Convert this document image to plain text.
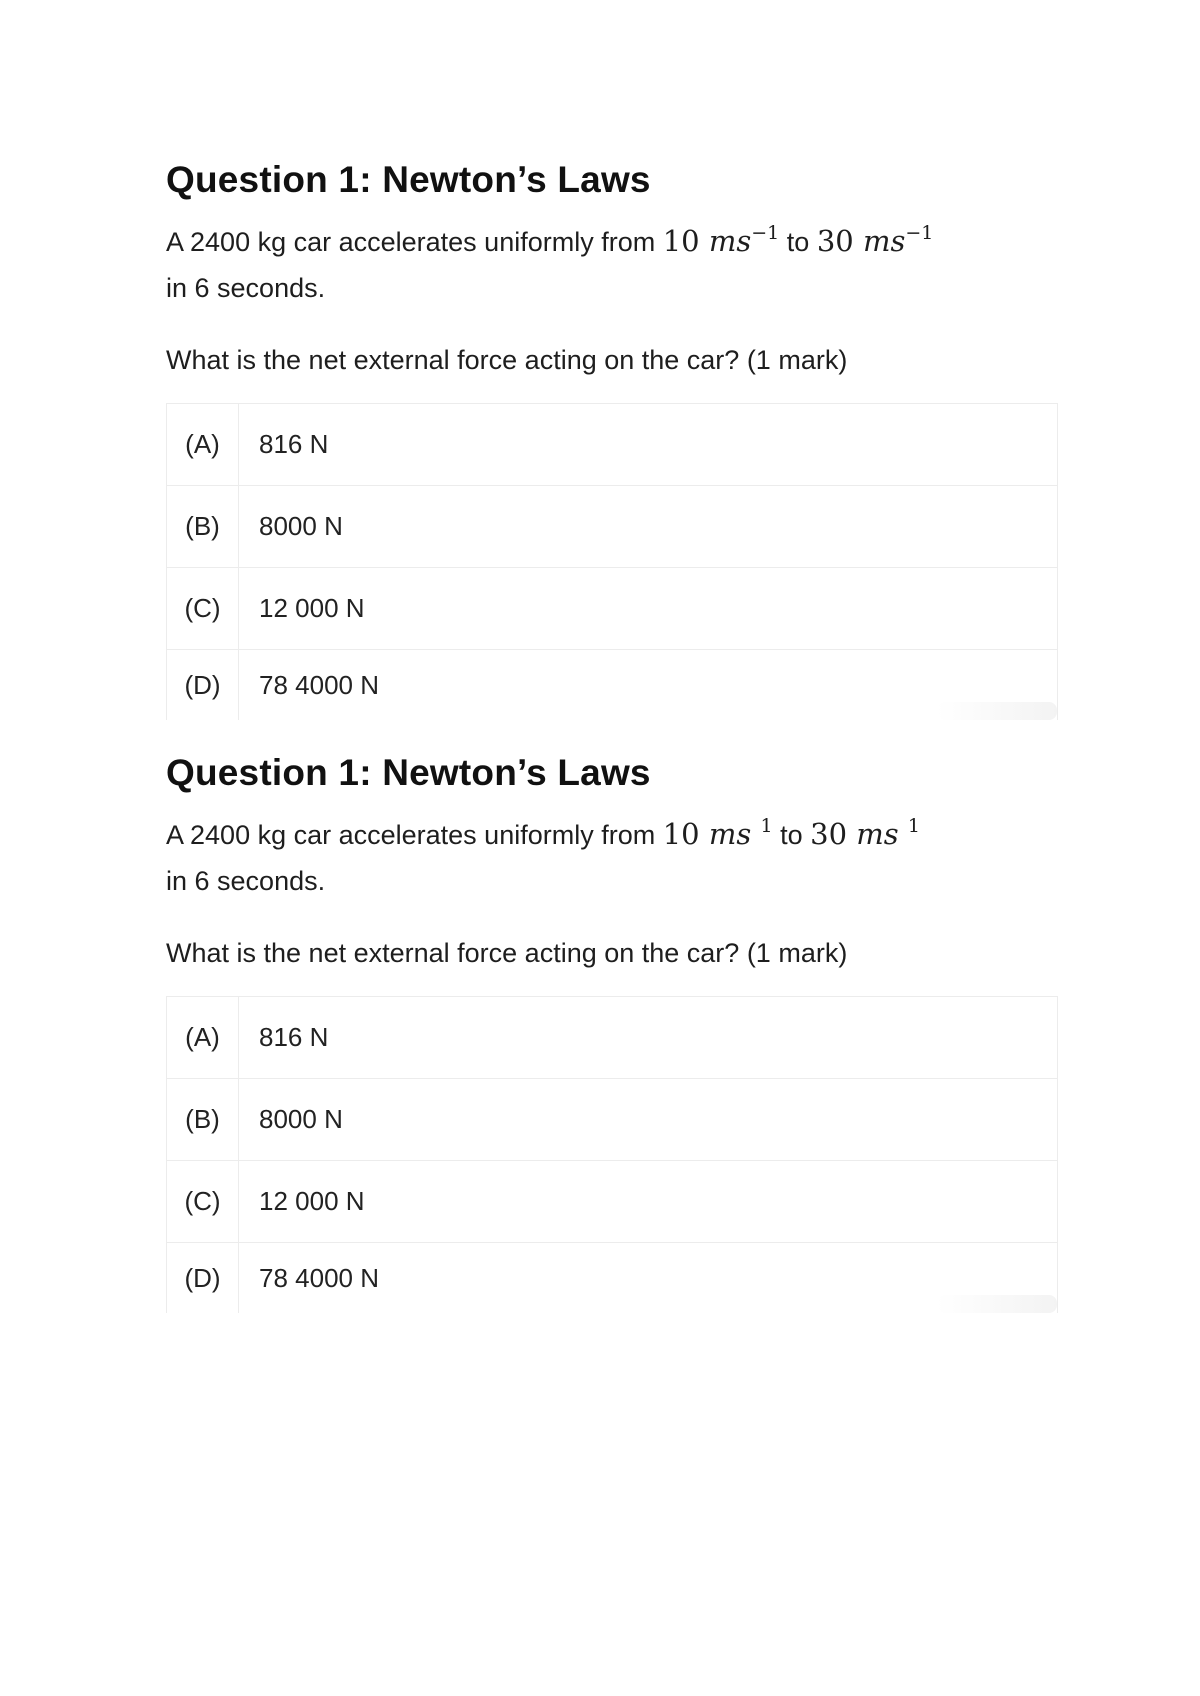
Question 1: Newton’s Laws

A 2400 kg car accelerates uniformly from 10 $ms^{-1}$ to 30 $ms^{-1}$
in 6 seconds.

What is the net external force acting on the car? (1 mark)

(A)	816 N
(B)	8000 N
(C)	12 000 N
(D)	78 4000 N
Question 1: Newton’s Laws

A 2400 kg car accelerates uniformly from 10 ms $^1$ to 30 ms $^1$
in 6 seconds.

What is the net external force acting on the car? (1 mark)

(A)	816 N
(B)	8000 N
(C)	12 000 N
(D)	78 4000 N
